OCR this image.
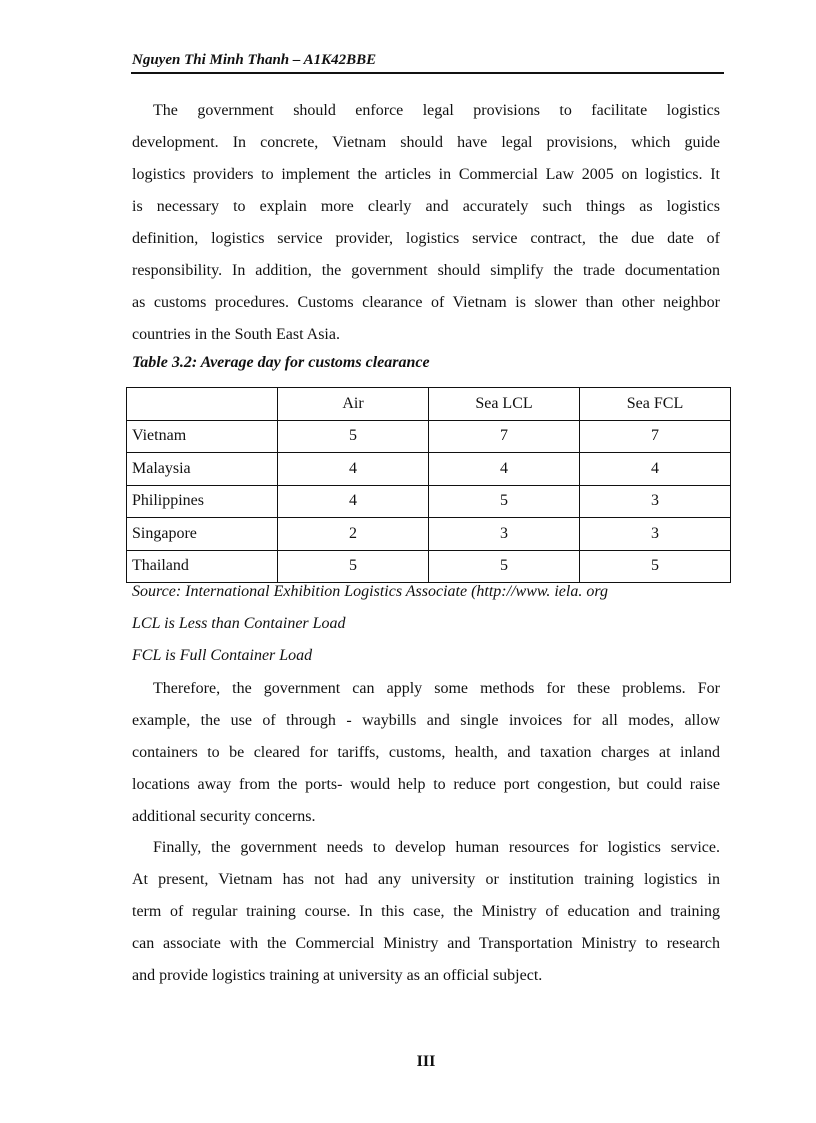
Nguyen Thi Minh Thanh – A1K42BBE
The government should enforce legal provisions to facilitate logistics
development. In concrete, Vietnam should have legal provisions, which guide
logistics providers to implement the articles in Commercial Law 2005 on logistics. It
is necessary to explain more clearly and accurately such things as logistics
definition, logistics service provider, logistics service contract, the due date of
responsibility. In addition, the government should simplify the trade documentation
as customs procedures. Customs clearance of Vietnam is slower than other neighbor
countries in the South East Asia.
Table 3.2: Average day for customs clearance
	Air	Sea LCL	Sea FCL
Vietnam	5	7	7
Malaysia	4	4	4
Philippines	4	5	3
Singapore	2	3	3
Thailand	5	5	5
Source: International Exhibition Logistics Associate (http://www. iela. org
LCL is Less than Container Load
FCL is Full Container Load
Therefore, the government can apply some methods for these problems. For
example, the use of through - waybills and single invoices for all modes, allow
containers to be cleared for tariffs, customs, health, and taxation charges at inland
locations away from the ports- would help to reduce port congestion, but could raise
additional security concerns.
Finally, the government needs to develop human resources for logistics service.
At present, Vietnam has not had any university or institution training logistics in
term of regular training course. In this case, the Ministry of education and training
can associate with the Commercial Ministry and Transportation Ministry to research
and provide logistics training at university as an official subject.
III
